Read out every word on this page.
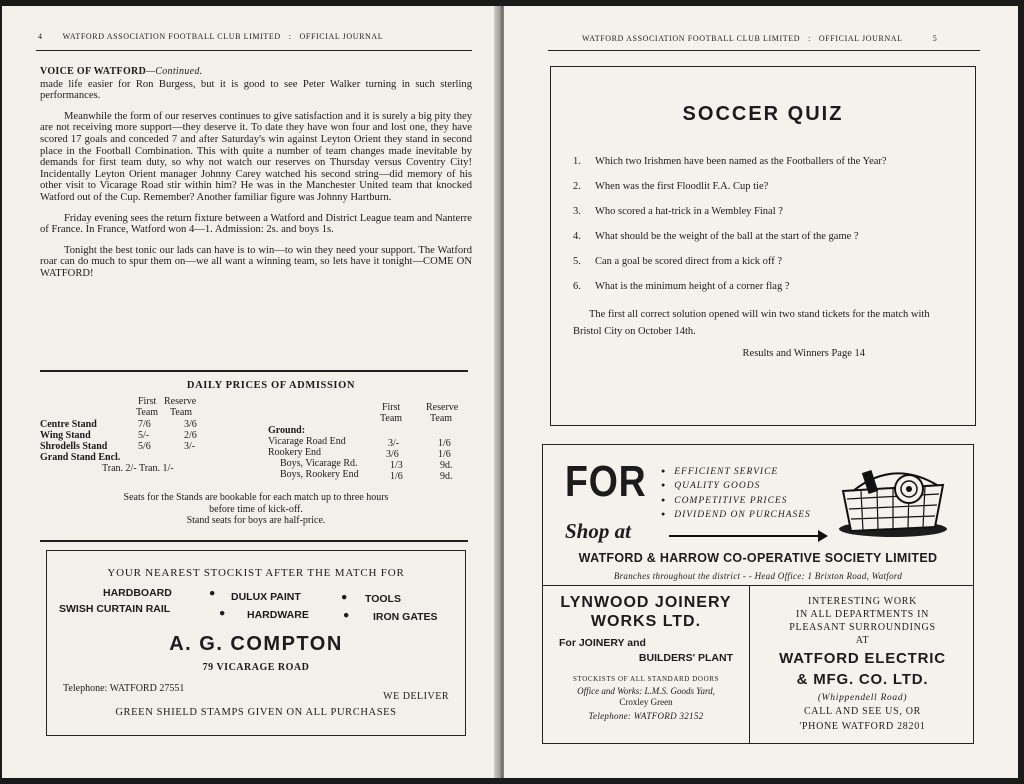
4	WATFORD ASSOCIATION FOOTBALL CLUB LIMITED : OFFICIAL JOURNAL
VOICE OF WATFORD—Continued.

made life easier for Ron Burgess, but it is good to see Peter Walker turning in such sterling performances.

Meanwhile the form of our reserves continues to give satisfaction and it is surely a big pity they are not receiving more support—they deserve it. To date they have won four and lost one, they have scored 17 goals and conceded 7 and after Saturday's win against Leyton Orient they stand in second place in the Football Combination. This with quite a number of team changes made inevitable by demands for first team duty, so why not watch our reserves on Thursday versus Coventry City! Incidentally Leyton Orient manager Johnny Carey watched his second string—did memory of his other visit to Vicarage Road stir within him? He was in the Manchester United team that knocked Watford out of the Cup. Remember? Another familiar figure was Johnny Hartburn.

Friday evening sees the return fixture between a Watford and District League team and Nanterre of France. In France, Watford won 4—1. Admission: 2s. and boys 1s.

Tonight the best tonic our lads can have is to win—to win they need your support. The Watford roar can do much to spur them on—we all want a winning team, so lets have it tonight—COME ON WATFORD!

DAILY PRICES OF ADMISSION
First Reserve
Team Team	First	Reserve
Team	Team
Centre Stand	7/6	3/6
Wing Stand	5/-	2/6
Shrodells Stand	5/6	3/-
Grand Stand Encl.
Tran. 2/- Tran. 1/-
Ground:
Vicarage Road End	3/-	1/6
Rookery End	3/6	1/6
Boys, Vicarage Rd.	1/3	9d.
Boys, Rookery End	1/6	9d.
Seats for the Stands are bookable for each match up to three hours
before time of kick-off.
Stand seats for boys are half-price.
YOUR NEAREST STOCKIST AFTER THE MATCH FOR
HARDBOARD	● DULUX PAINT	● TOOLS
SWISH CURTAIN RAIL	● HARDWARE	● IRON GATES
A. G. COMPTON
79 VICARAGE ROAD
Telephone: WATFORD 27551
WE DELIVER
GREEN SHIELD STAMPS GIVEN ON ALL PURCHASES
WATFORD ASSOCIATION FOOTBALL CLUB LIMITED : OFFICIAL JOURNAL	5
SOCCER QUIZ
1.	Which two Irishmen have been named as the Footballers of the Year?
2.	When was the first Floodlit F.A. Cup tie?
3.	Who scored a hat-trick in a Wembley Final ?
4.	What should be the weight of the ball at the start of the game ?
5.	Can a goal be scored direct from a kick off ?
6.	What is the minimum height of a corner flag ?
The first all correct solution opened will win two stand tickets for the match with Bristol City on October 14th.
Results and Winners Page 14
FOR
●	EFFICIENT SERVICE
● QUALITY GOODS
● COMPETITIVE PRICES
● DIVIDEND ON PURCHASES
Shop at
WATFORD & HARROW CO-OPERATIVE SOCIETY LIMITED
Branches throughout the district - - Head Office: 1 Brixton Road, Watford
LYNWOOD JOINERY
WORKS LTD.
For JOINERY and
BUILDERS' PLANT
STOCKISTS OF ALL STANDARD DOORS
Office and Works: L.M.S. Goods Yard,
Croxley Green
Telephone: WATFORD 32152
INTERESTING WORK
IN ALL DEPARTMENTS IN
PLEASANT SURROUNDINGS
AT
WATFORD ELECTRIC
& MFG. CO. LTD.
(Whippendell Road)
CALL AND SEE US, OR
'PHONE WATFORD 28201
